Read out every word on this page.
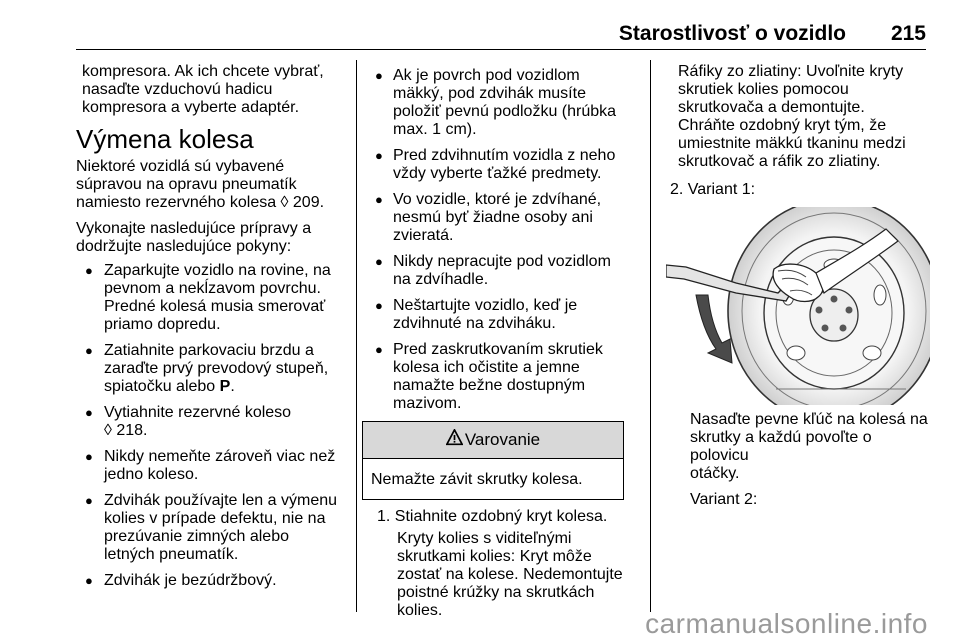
Starostlivosť o vozidlo 215

kompresora. Ak ich chcete vybrať,
nasaďte vzduchovú hadicu
kompresora a vyberte adaptér.

Výmena kolesa

Niektoré vozidlá sú vybavené
súpravou na opravu pneumatík
namiesto rezervného kolesa ◊ 209.

Vykonajte nasledujúce prípravy a
dodržujte nasledujúce pokyny:

● Zaparkujte vozidlo na rovine, na
pevnom a nekĺzavom povrchu.
Predné kolesá musia smerovať
priamo dopredu.
● Zatiahnite parkovaciu brzdu a
zaraďte prvý prevodový stupeň,
spiatočku alebo P.
● Vytiahnite rezervné koleso
◊ 218.
● Nikdy nemeňte zároveň viac než
jedno koleso.
● Zdvihák používajte len a výmenu
kolies v prípade defektu, nie na
prezúvanie zimných alebo
letných pneumatík.
● Zdvihák je bezúdržbový.
● Ak je povrch pod vozidlom
mäkký, pod zdvihák musíte
položiť pevnú podložku (hrúbka
max. 1 cm).
● Pred zdvihnutím vozidla z neho
vždy vyberte ťažké predmety.
● Vo vozidle, ktoré je zdvíhané,
nesmú byť žiadne osoby ani
zvieratá.
● Nikdy nepracujte pod vozidlom
na zdvíhadle.
● Neštartujte vozidlo, keď je
zdvihnuté na zdviháku.
● Pred zaskrutkovaním skrutiek
kolesa ich očistite a jemne
namažte bežne dostupným
mazivom.
Varovanie
Nemažte závit skrutky kolesa.

1. Stiahnite ozdobný kryt kolesa.

Kryty kolies s viditeľnými
skrutkami kolies: Kryt môže
zostať na kolese. Nedemontujte
poistné krúžky na skrutkách
kolies.

Ráfiky zo zliatiny: Uvoľnite kryty
skrutiek kolies pomocou
skrutkovača a demontujte.
Chráňte ozdobný kryt tým, že
umiestnite mäkkú tkaninu medzi
skrutkovač a ráfik zo zliatiny.

2. Variant 1:

Nasaďte pevne kľúč na kolesá na
skrutky a každú povoľte o polovicu
otáčky.

Variant 2:

carmanualsonline.info
